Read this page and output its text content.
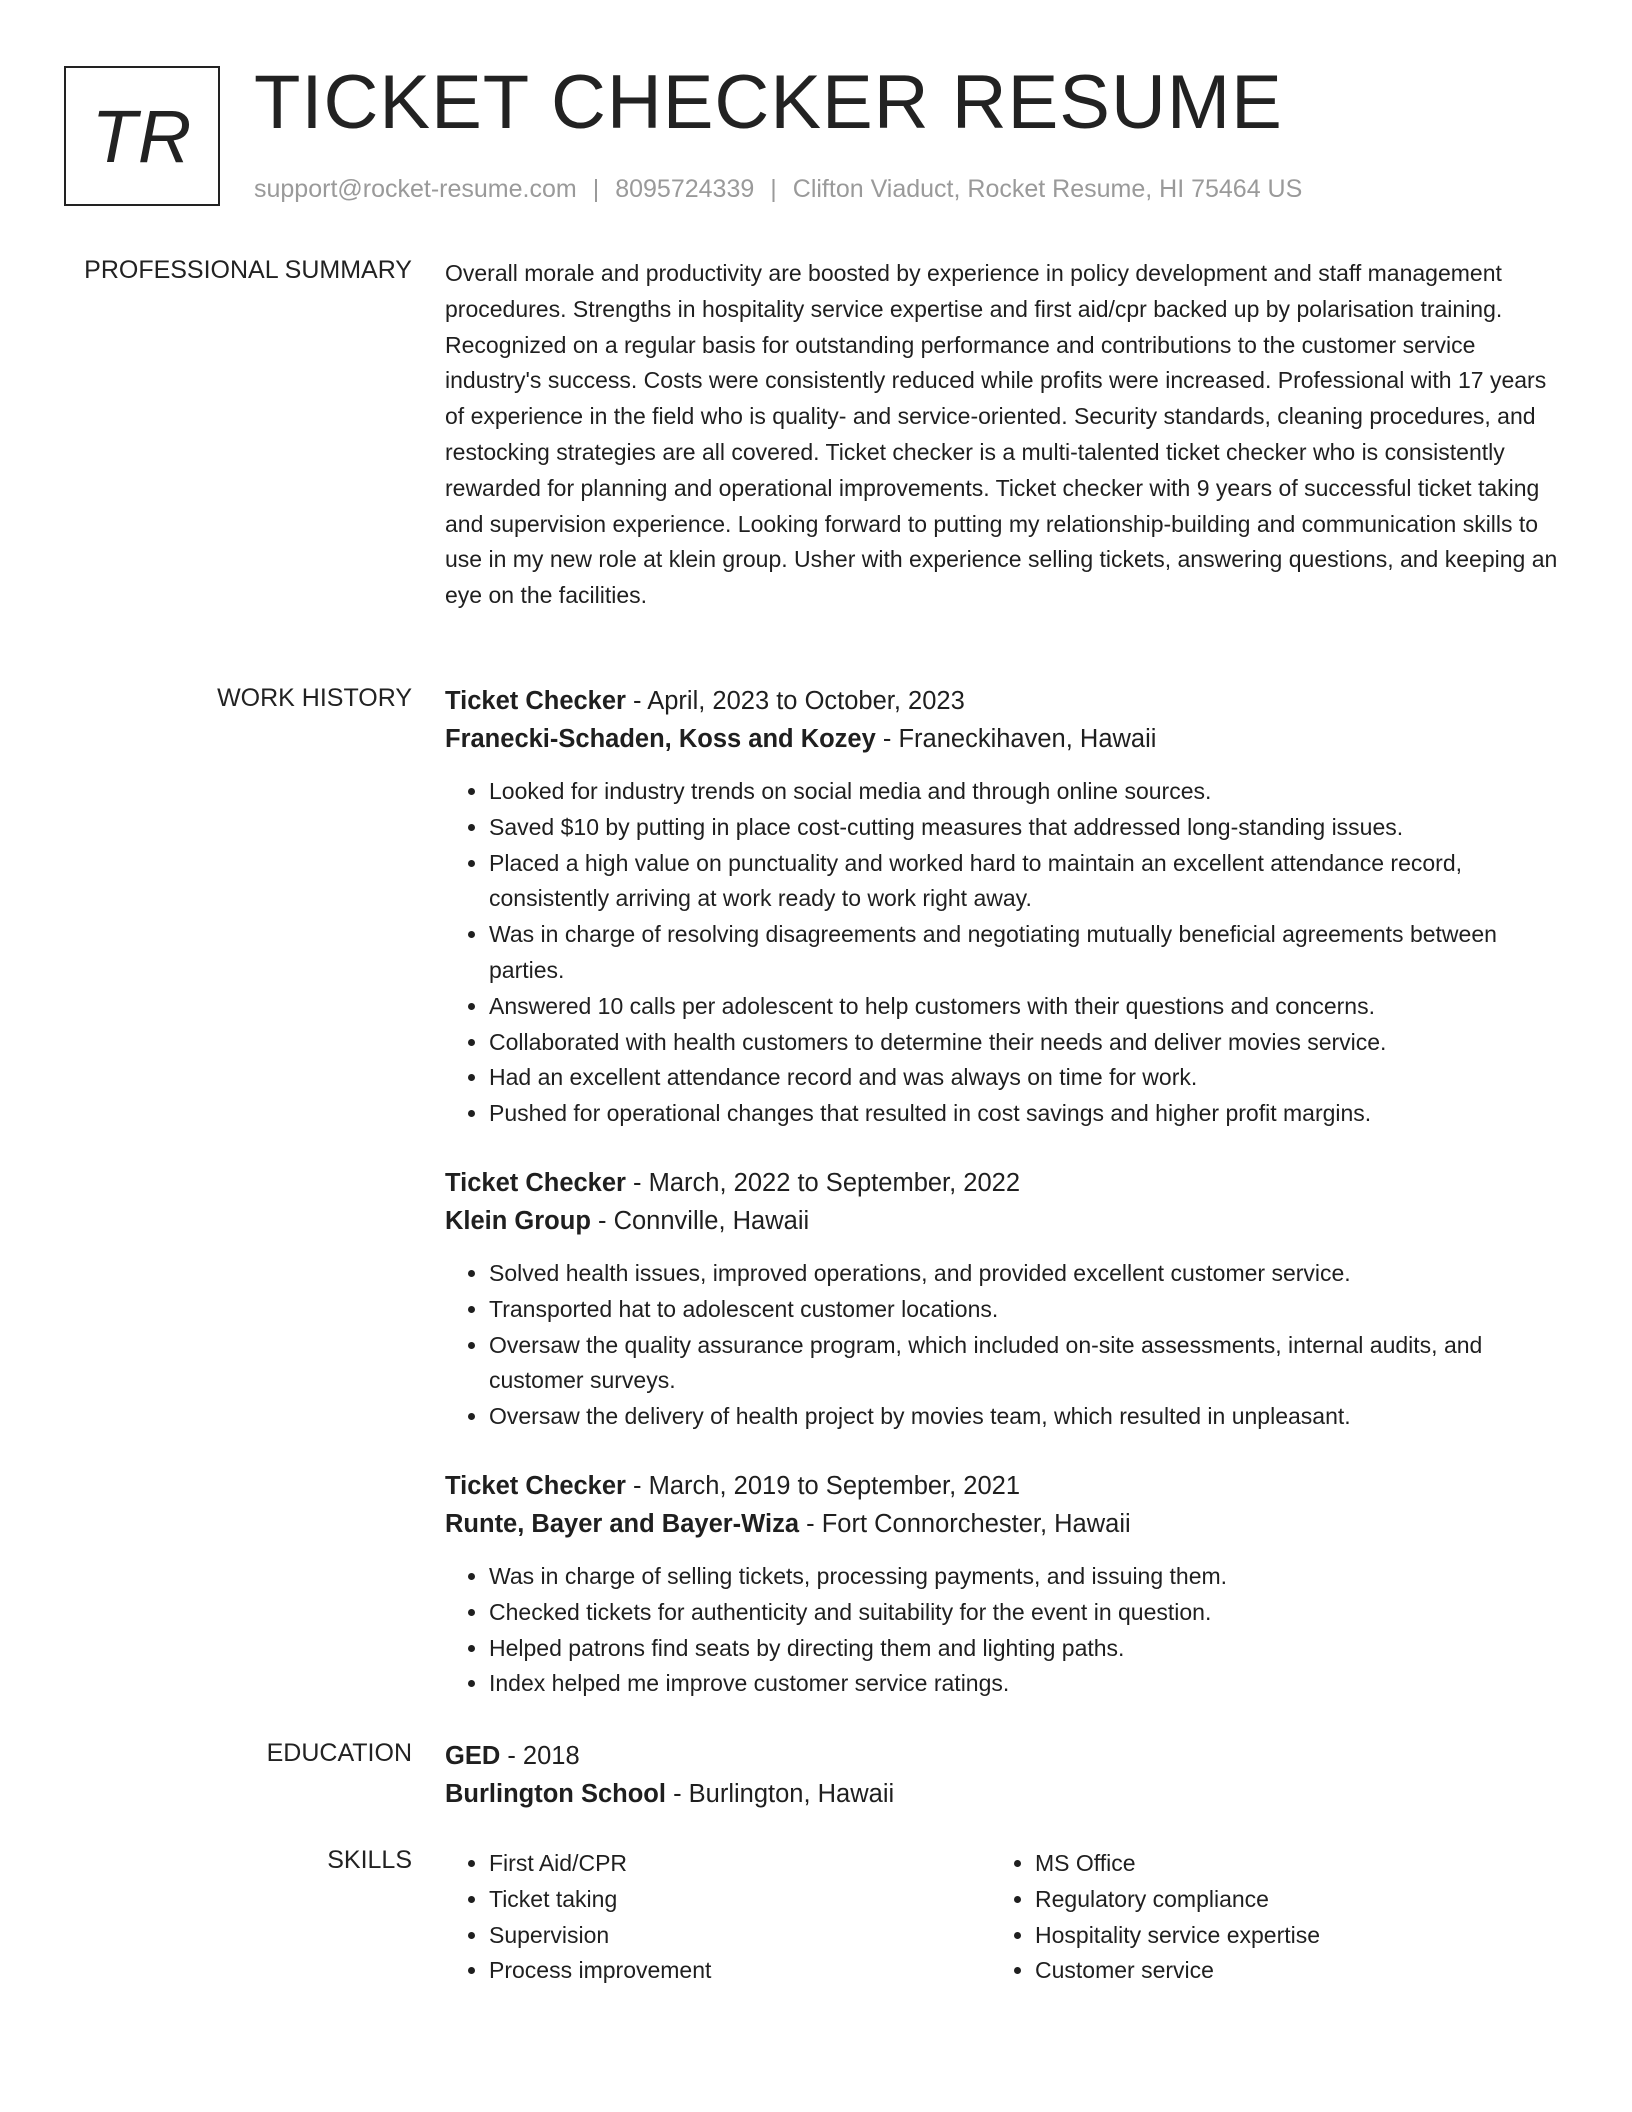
TR TICKET CHECKER RESUME
support@rocket-resume.com | 8095724339 | Clifton Viaduct, Rocket Resume, HI 75464 US
PROFESSIONAL SUMMARY Overall morale and productivity are boosted by experience in policy development and staff management procedures. Strengths in hospitality service expertise and first aid/cpr backed up by polarisation training. Recognized on a regular basis for outstanding performance and contributions to the customer service industry's success. Costs were consistently reduced while profits were increased. Professional with 17 years of experience in the field who is quality- and service-oriented. Security standards, cleaning procedures, and restocking strategies are all covered. Ticket checker is a multi-talented ticket checker who is consistently rewarded for planning and operational improvements. Ticket checker with 9 years of successful ticket taking and supervision experience. Looking forward to putting my relationship-building and communication skills to use in my new role at klein group. Usher with experience selling tickets, answering questions, and keeping an eye on the facilities.
WORK HISTORY Ticket Checker - April, 2023 to October, 2023
Franecki-Schaden, Koss and Kozey - Franeckihaven, Hawaii
• Looked for industry trends on social media and through online sources.
• Saved $10 by putting in place cost-cutting measures that addressed long-standing issues.
• Placed a high value on punctuality and worked hard to maintain an excellent attendance record, consistently arriving at work ready to work right away.
• Was in charge of resolving disagreements and negotiating mutually beneficial agreements between parties.
• Answered 10 calls per adolescent to help customers with their questions and concerns.
• Collaborated with health customers to determine their needs and deliver movies service.
• Had an excellent attendance record and was always on time for work.
• Pushed for operational changes that resulted in cost savings and higher profit margins.
Ticket Checker - March, 2022 to September, 2022
Klein Group - Connville, Hawaii
• Solved health issues, improved operations, and provided excellent customer service.
• Transported hat to adolescent customer locations.
• Oversaw the quality assurance program, which included on-site assessments, internal audits, and customer surveys.
• Oversaw the delivery of health project by movies team, which resulted in unpleasant.
Ticket Checker - March, 2019 to September, 2021
Runte, Bayer and Bayer-Wiza - Fort Connorchester, Hawaii
• Was in charge of selling tickets, processing payments, and issuing them.
• Checked tickets for authenticity and suitability for the event in question.
• Helped patrons find seats by directing them and lighting paths.
• Index helped me improve customer service ratings.
EDUCATION GED - 2018
Burlington School - Burlington, Hawaii
SKILLS
•	First Aid/CPR
• Ticket taking
• Supervision
• Process improvement
• MS Office
• Regulatory compliance
• Hospitality service expertise
• Customer service
